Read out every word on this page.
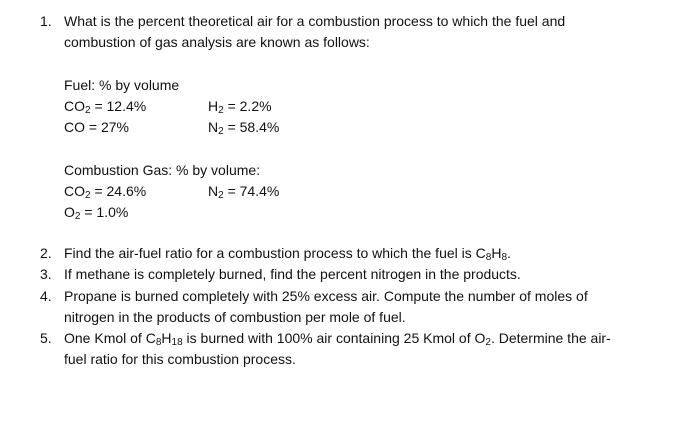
1. What is the percent theoretical air for a combustion process to which the fuel and
combustion of gas analysis are known as follows:
Fuel: % by volume
$CO_2 = 12.4\%$	$H_2 = 2.2\%$
CO = 27%	$N_2 = 58.4\%$
Combustion Gas: % by volume:
$CO_2 = 24.6\%$	$N_2 = 74.4\%$
$O_2 = 1.0\%$
2. Find the air-fuel ratio for a combustion process to which the fuel is $C_8H_8$.
3. If methane is completely burned, find the percent nitrogen in the products.
4. Propane is burned completely with 25% excess air. Compute the number of moles of
nitrogen in the products of combustion per mole of fuel.
5. One Kmol of $C_8H_{18}$ is burned with 100% air containing 25 Kmol of $O_2$. Determine the air-
fuel ratio for this combustion process.
